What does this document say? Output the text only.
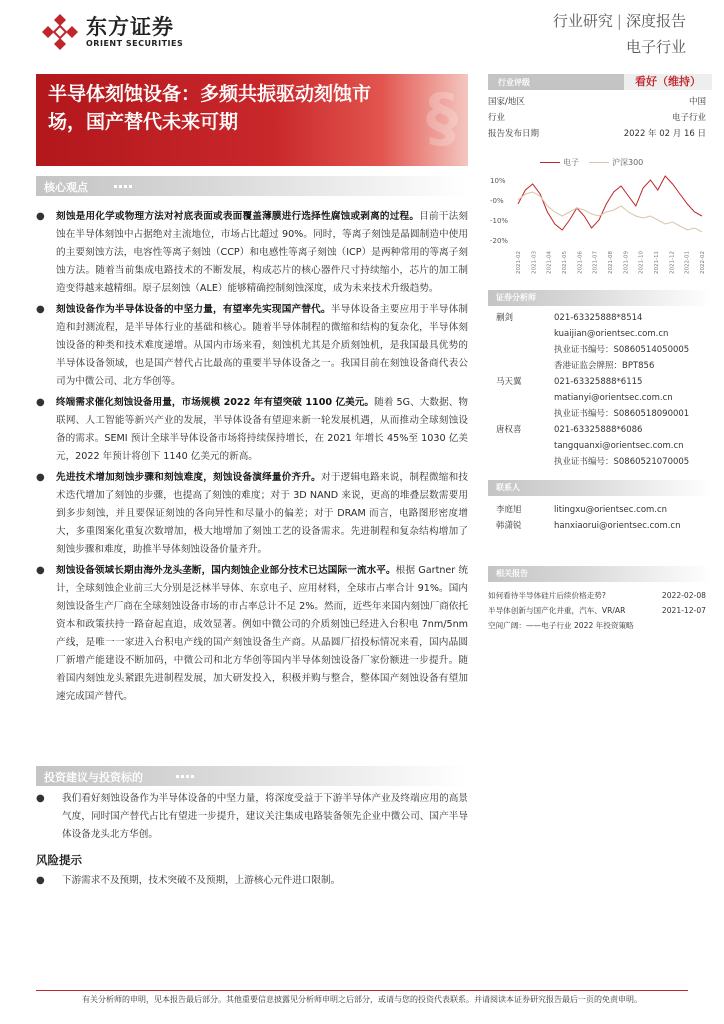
东方证券
ORIENT SECURITIES
行业研究 | 深度报告
电子行业
半导体刻蚀设备：多频共振驱动刻蚀市
场，国产替代未来可期	§	行业评级	看好（维持）
国家/地区	中国
行业	电子行业
报告发布日期	2022 年 02 月 16 日
电子	沪深300
10%
-0%
-10%
-20%
2021-02 2021-03 2021-04 2021-05 2021-06 2021-07 2021-08 2021-09 2021-10 2021-11 2021-12 2022-01 2022-02
证券分析师
蒯剑	021-63325888*8514
kuaijian@orientsec.com.cn
执业证书编号：S0860514050005
香港证监会牌照：BPT856
马天翼	021-63325888*6115
matianyi@orientsec.com.cn
执业证书编号：S0860518090001
唐权喜	021-63325888*6086
tangquanxi@orientsec.com.cn
执业证书编号：S0860521070005
联系人
李庭旭	litingxu@orientsec.com.cn
韩潇锐	hanxiaorui@orientsec.com.cn
相关报告
如何看待半导体硅片后续价格走势?	2022-02-08
半导体创新与国产化并重，汽车、VR/AR	2021-12-07
空间广阔：——电子行业 2022 年投资策略
核心观点
●	刻蚀是用化学或物理方法对衬底表面或表面覆盖薄膜进行选择性腐蚀或剥离的过程。目前干法刻蚀在半导体刻蚀中占据绝对主流地位，市场占比超过 90%。同时，等离子刻蚀是晶圆制造中使用的主要刻蚀方法，电容性等离子刻蚀（CCP）和电感性等离子刻蚀（ICP）是两种常用的等离子刻蚀方法。随着当前集成电路技术的不断发展，构成芯片的核心器件尺寸持续缩小，芯片的加工制造变得越来越精细。原子层刻蚀（ALE）能够精确控制刻蚀深度，成为未来技术升级趋势。
●	刻蚀设备作为半导体设备的中坚力量，有望率先实现国产替代。半导体设备主要应用于半导体制造和封测流程，是半导体行业的基础和核心。随着半导体制程的微缩和结构的复杂化，半导体刻蚀设备的种类和技术难度递增。从国内市场来看，刻蚀机尤其是介质刻蚀机，是我国最具优势的半导体设备领域，也是国产替代占比最高的重要半导体设备之一。我国目前在刻蚀设备商代表公司为中微公司、北方华创等。
●	终端需求催化刻蚀设备用量，市场规模 2022 年有望突破 1100 亿美元。随着 5G、大数据、物联网、人工智能等新兴产业的发展，半导体设备有望迎来新一轮发展机遇，从而推动全球刻蚀设备的需求。SEMI 预计全球半导体设备市场将持续保持增长，在 2021 年增长 45%至 1030 亿美元，2022 年预计将创下 1140 亿美元的新高。
●	先进技术增加刻蚀步骤和刻蚀难度，刻蚀设备演绎量价齐升。对于逻辑电路来说，制程微缩和技术迭代增加了刻蚀的步骤，也提高了刻蚀的难度；对于 3D NAND 来说，更高的堆叠层数需要用到多步刻蚀，并且要保证刻蚀的各向异性和尽量小的偏差；对于 DRAM 而言，电路图形密度增大，多重图案化重复次数增加，极大地增加了刻蚀工艺的设备需求。先进制程和复杂结构增加了刻蚀步骤和难度，助推半导体刻蚀设备价量齐升。
●	刻蚀设备领域长期由海外龙头垄断，国内刻蚀企业部分技术已达国际一流水平。根据 Gartner 统计，全球刻蚀企业前三大分别是泛林半导体、东京电子、应用材料，全球市占率合计 91%。国内刻蚀设备生产厂商在全球刻蚀设备市场的市占率总计不足 2%。然而，近些年来国内刻蚀厂商依托资本和政策扶持一路奋起直追，成效显著。例如中微公司的介质刻蚀已经进入台积电 7nm/5nm 产线，是唯一一家进入台积电产线的国产刻蚀设备生产商。从晶圆厂招投标情况来看，国内晶圆厂新增产能建设不断加码，中微公司和北方华创等国内半导体刻蚀设备厂家份额进一步提升。随着国内刻蚀龙头紧跟先进制程发展，加大研发投入，积极并购与整合，整体国产刻蚀设备有望加速完成国产替代。
投资建议与投资标的
●	我们看好刻蚀设备作为半导体设备的中坚力量，将深度受益于下游半导体产业及终端应用的高景气度，同时国产替代占比有望进一步提升，建议关注集成电路装备领先企业中微公司、国产半导体设备龙头北方华创。
风险提示
●	下游需求不及预期，技术突破不及预期，上游核心元件进口限制。
有关分析师的申明，见本报告最后部分。其他重要信息披露见分析师申明之后部分，或请与您的投资代表联系。并请阅读本证券研究报告最后一页的免责申明。
